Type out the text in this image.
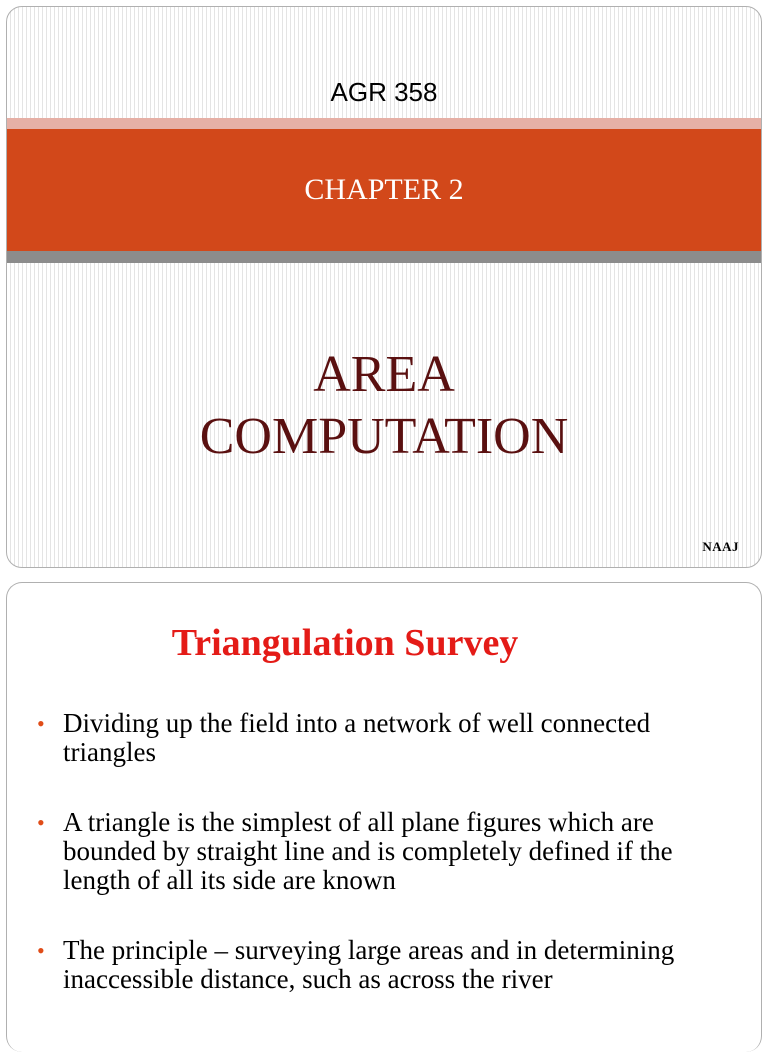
AGR 358
CHAPTER 2
AREA
COMPUTATION
NAAJ
Triangulation Survey
• Dividing up the field into a network of well connected triangles
• A triangle is the simplest of all plane figures which are bounded by straight line and is completely defined if the length of all its side are known
• The principle – surveying large areas and in determining inaccessible distance, such as across the river
